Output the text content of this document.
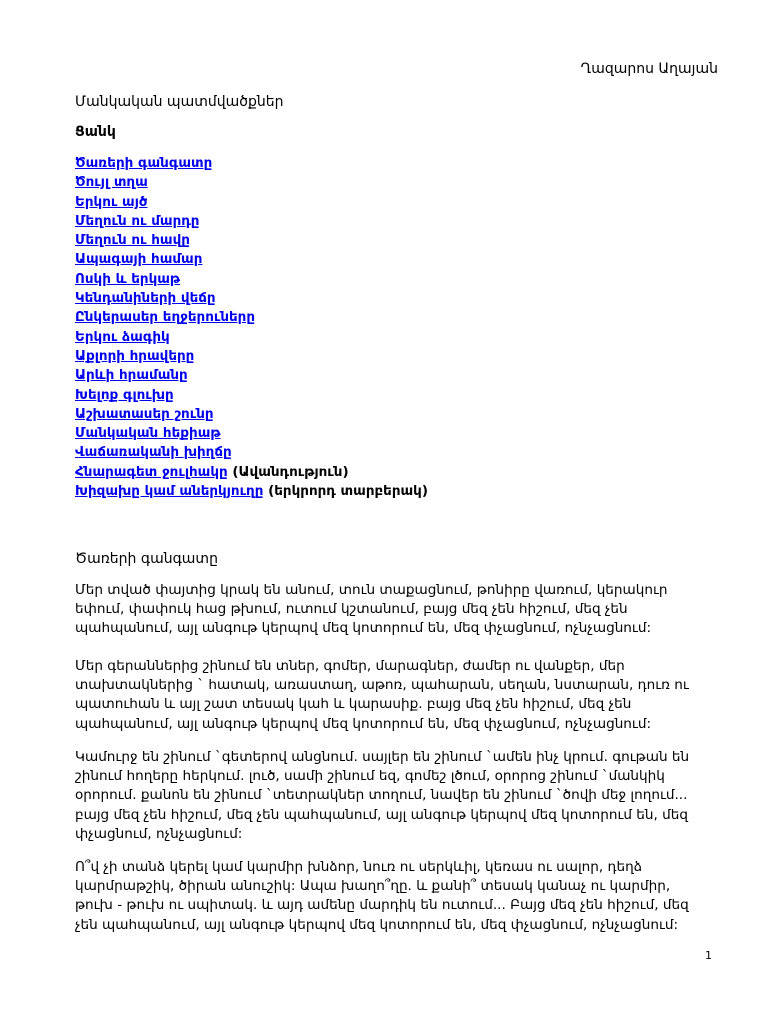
Ղազարոս Աղայան
Մանկական պատմվածքներ
Ցանկ
Ծառերի գանգատը
Ծույլ տղա
Երկու այծ
Մեղուն ու մարդը
Մեղուն ու հավը
Ապագայի համար
Ոսկի և երկաթ
Կենդանիների վեճը
Ընկերասեր եղջերուները
Երկու ձագիկ
Աքլորի հրավերը
Արևի հրամանը
Խելոք գլուխը
Աշխատասեր շունը
Մանկական հեքիաթ
Վաճառականի խիղճը
Հնարագետ ջուլհակը (Ավանդություն)
Խիզախը կամ աներկյուղը (երկրորդ տարբերակ)
Ծառերի գանգատը

Մեր տված փայտից կրակ են անում, տուն տաքացնում, թոնիրը վառում, կերակուր եփում, փափուկ հաց թխում, ուտում կշտանում, բայց մեզ չեն հիշում, մեզ չեն պահպանում, այլ անգութ կերպով մեզ կոտորում են, մեզ փչացնում, ոչնչացնում:

Մեր գերաններից շինում են տներ, գոմեր, մարագներ, ժամեր ու վանքեր, մեր տախտակներից ` հատակ, առաստաղ, աթոռ, պահարան, սեղան, նստարան, դուռ ու պատուհան և այլ շատ տեսակ կահ և կարասիք. բայց մեզ չեն հիշում, մեզ չեն պահպանում, այլ անգութ կերպով մեզ կոտորում են, մեզ փչացնում, ոչնչացնում:

Կամուրջ են շինում `գետերով անցնում. սայլեր են շինում `ամեն ինչ կրում. գութան են շինում հողերը հերկում. լուծ, սամի շինում եզ, գոմեշ լծում, օրորոց շինում `մանկիկ օրորում. քանոն են շինում `տետրակներ տողում, նավեր են շինում `ծովի մեջ լողում... բայց մեզ չեն հիշում, մեզ չեն պահպանում, այլ անգութ կերպով մեզ կոտորում են, մեզ փչացնում, ոչնչացնում:

Ո՞վ չի տանձ կերել կամ կարմիր խնձոր, նուռ ու սերկևիլ, կեռաս ու սալոր, դեղձ կարմրաթշիկ, ծիրան անուշիկ: Ապա խաղո՞ղը. և քանի՞ տեսակ կանաչ ու կարմիր, թուխ - թուխ ու սպիտակ. և այդ ամենը մարդիկ են ուտում... Բայց մեզ չեն հիշում, մեզ չեն պահպանում, այլ անգութ կերպով մեզ կոտորում են, մեզ փչացնում, ոչնչացնում:

1
